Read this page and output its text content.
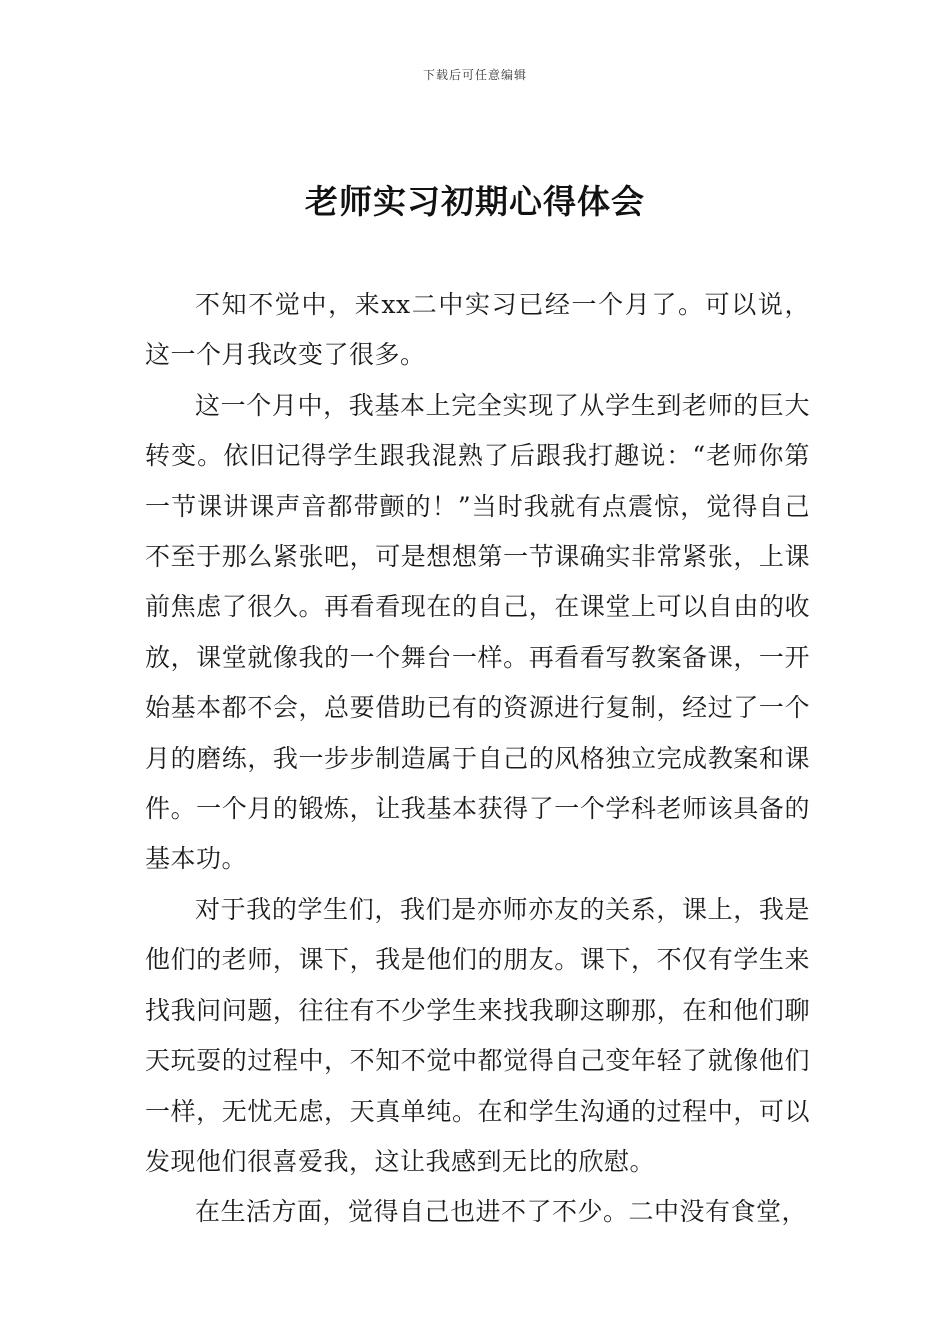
下载后可任意编辑
老师实习初期心得体会

不知不觉中，来xx二中实习已经一个月了。可以说，这一个月我改变了很多。

这一个月中，我基本上完全实现了从学生到老师的巨大转变。依旧记得学生跟我混熟了后跟我打趣说：“老师你第一节课讲课声音都带颤的！”当时我就有点震惊，觉得自己不至于那么紧张吧，可是想想第一节课确实非常紧张，上课前焦虑了很久。再看看现在的自己，在课堂上可以自由的收放，课堂就像我的一个舞台一样。再看看写教案备课，一开始基本都不会，总要借助已有的资源进行复制，经过了一个月的磨练，我一步步制造属于自己的风格独立完成教案和课件。一个月的锻炼，让我基本获得了一个学科老师该具备的基本功。

对于我的学生们，我们是亦师亦友的关系，课上，我是他们的老师，课下，我是他们的朋友。课下，不仅有学生来找我问问题，往往有不少学生来找我聊这聊那，在和他们聊天玩耍的过程中，不知不觉中都觉得自己变年轻了就像他们一样，无忧无虑，天真单纯。在和学生沟通的过程中，可以发现他们很喜爱我，这让我感到无比的欣慰。

在生活方面，觉得自己也进不了不少。二中没有食堂，
